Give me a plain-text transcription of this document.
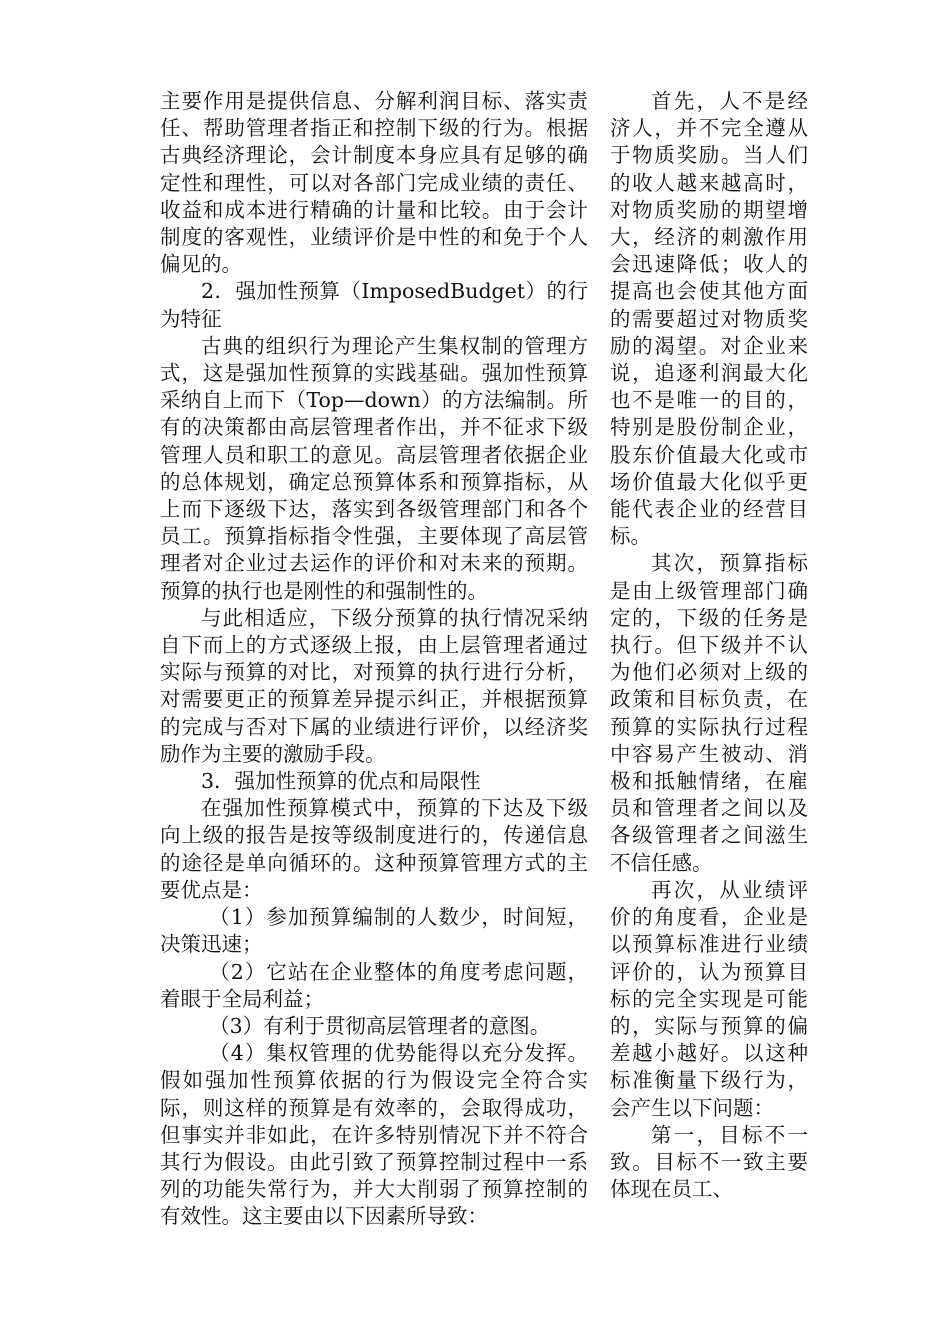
主要作用是提供信息、分解利润目标、落实责任、帮助管理者指正和控制下级的行为。根据古典经济理论，会计制度本身应具有足够的确定性和理性，可以对各部门完成业绩的责任、收益和成本进行精确的计量和比较。由于会计制度的客观性，业绩评价是中性的和免于个人偏见的。

2．强加性预算（ImposedBudget）的行为特征

古典的组织行为理论产生集权制的管理方式，这是强加性预算的实践基础。强加性预算采纳自上而下（Top—down）的方法编制。所有的决策都由高层管理者作出，并不征求下级管理人员和职工的意见。高层管理者依据企业的总体规划，确定总预算体系和预算指标，从上而下逐级下达，落实到各级管理部门和各个员工。预算指标指令性强，主要体现了高层管理者对企业过去运作的评价和对未来的预期。预算的执行也是刚性的和强制性的。

与此相适应，下级分预算的执行情况采纳自下而上的方式逐级上报，由上层管理者通过实际与预算的对比，对预算的执行进行分析，对需要更正的预算差异提示纠正，并根据预算的完成与否对下属的业绩进行评价，以经济奖励作为主要的激励手段。

3．强加性预算的优点和局限性

在强加性预算模式中，预算的下达及下级向上级的报告是按等级制度进行的，传递信息的途径是单向循环的。这种预算管理方式的主要优点是：

（1）参加预算编制的人数少，时间短，决策迅速；

（2）它站在企业整体的角度考虑问题，着眼于全局利益；

（3）有利于贯彻高层管理者的意图。

（4）集权管理的优势能得以充分发挥。假如强加性预算依据的行为假设完全符合实际，则这样的预算是有效率的，会取得成功，但事实并非如此，在许多特别情况下并不符合其行为假设。由此引致了预算控制过程中一系列的功能失常行为，并大大削弱了预算控制的有效性。这主要由以下因素所导致：

首先，人不是经济人，并不完全遵从于物质奖励。当人们的收人越来越高时，对物质奖励的期望增大，经济的刺激作用会迅速降低；收人的提高也会使其他方面的需要超过对物质奖励的渴望。对企业来说，追逐利润最大化也不是唯一的目的，特别是股份制企业，股东价值最大化或市场价值最大化似乎更能代表企业的经营目标。

其次，预算指标是由上级管理部门确定的，下级的任务是执行。但下级并不认为他们必须对上级的政策和目标负责，在预算的实际执行过程中容易产生被动、消极和抵触情绪，在雇员和管理者之间以及各级管理者之间滋生不信任感。

再次，从业绩评价的角度看，企业是以预算标准进行业绩评价的，认为预算目标的完全实现是可能的，实际与预算的偏差越小越好。以这种标准衡量下级行为，会产生以下问题：

第一，目标不一致。目标不一致主要体现在员工、
